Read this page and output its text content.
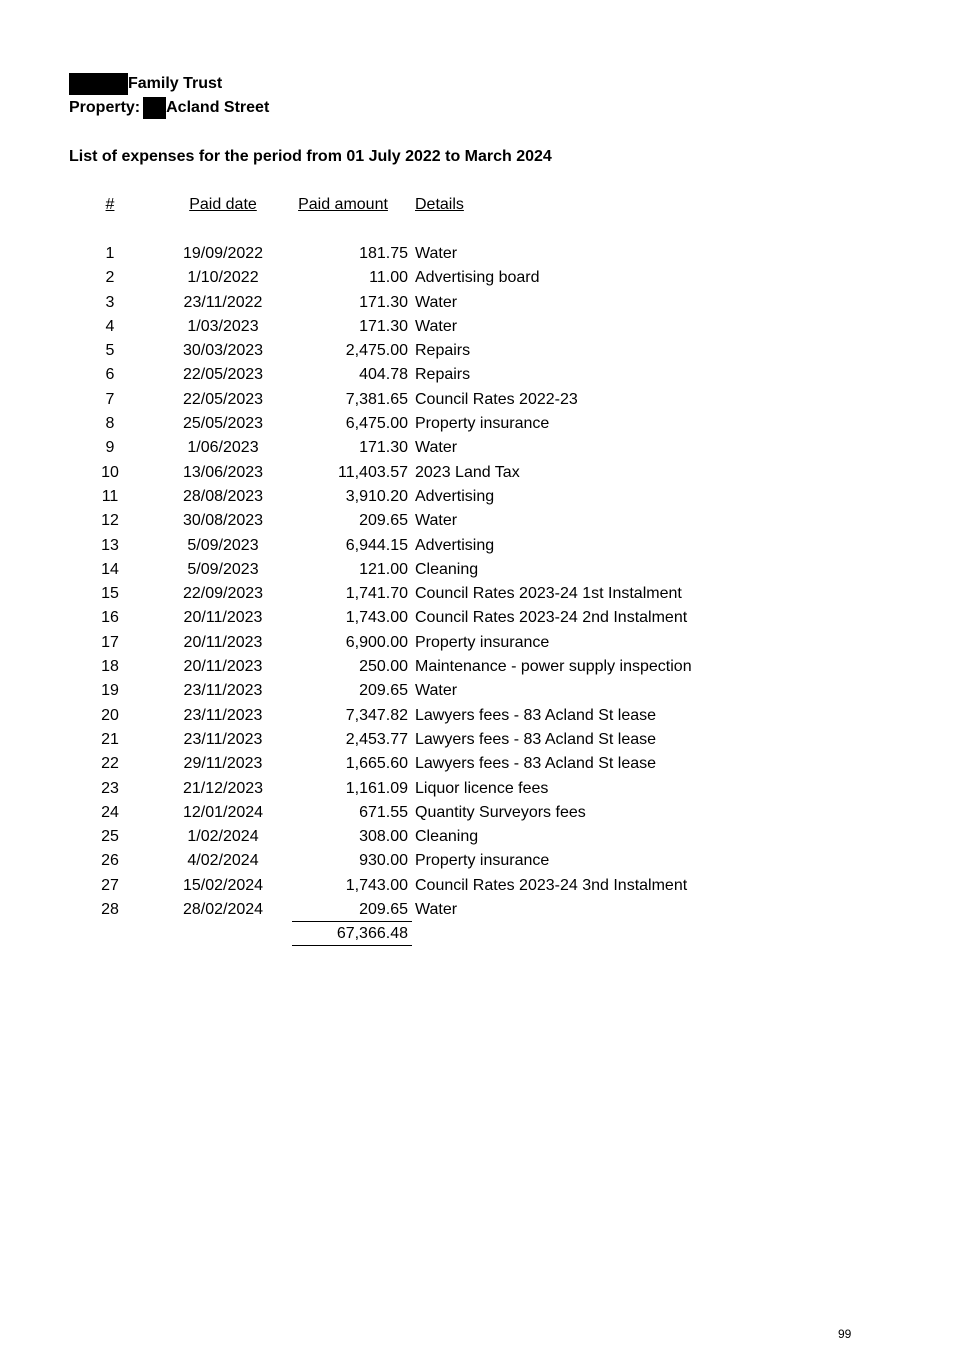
Family Trust
Property: Acland Street
List of expenses for the period from 01 July 2022 to March 2024
#	Paid date	Paid amount	Details
1	19/09/2022	181.75 Water
2	1/10/2022	11.00 Advertising board
3	23/11/2022	171.30 Water
4	1/03/2023	171.30 Water
5	30/03/2023	2,475.00 Repairs
6	22/05/2023	404.78 Repairs
7	22/05/2023	7,381.65 Council Rates 2022-23
8	25/05/2023	6,475.00 Property insurance
9	1/06/2023	171.30 Water
10	13/06/2023	11,403.57 2023 Land Tax
11	28/08/2023	3,910.20 Advertising
12	30/08/2023	209.65 Water
13	5/09/2023	6,944.15 Advertising
14	5/09/2023	121.00 Cleaning
15	22/09/2023	1,741.70 Council Rates 2023-24 1st Instalment
16	20/11/2023	1,743.00 Council Rates 2023-24 2nd Instalment
17	20/11/2023	6,900.00 Property insurance
18	20/11/2023	250.00 Maintenance - power supply inspection
19	23/11/2023	209.65 Water
20	23/11/2023	7,347.82 Lawyers fees - 83 Acland St lease
21	23/11/2023	2,453.77 Lawyers fees - 83 Acland St lease
22	29/11/2023	1,665.60 Lawyers fees - 83 Acland St lease
23	21/12/2023	1,161.09 Liquor licence fees
24	12/01/2024	671.55 Quantity Surveyors fees
25	1/02/2024	308.00 Cleaning
26	4/02/2024	930.00 Property insurance
27	15/02/2024	1,743.00 Council Rates 2023-24 3nd Instalment
28	28/02/2024	209.65 Water
67,366.48
99
